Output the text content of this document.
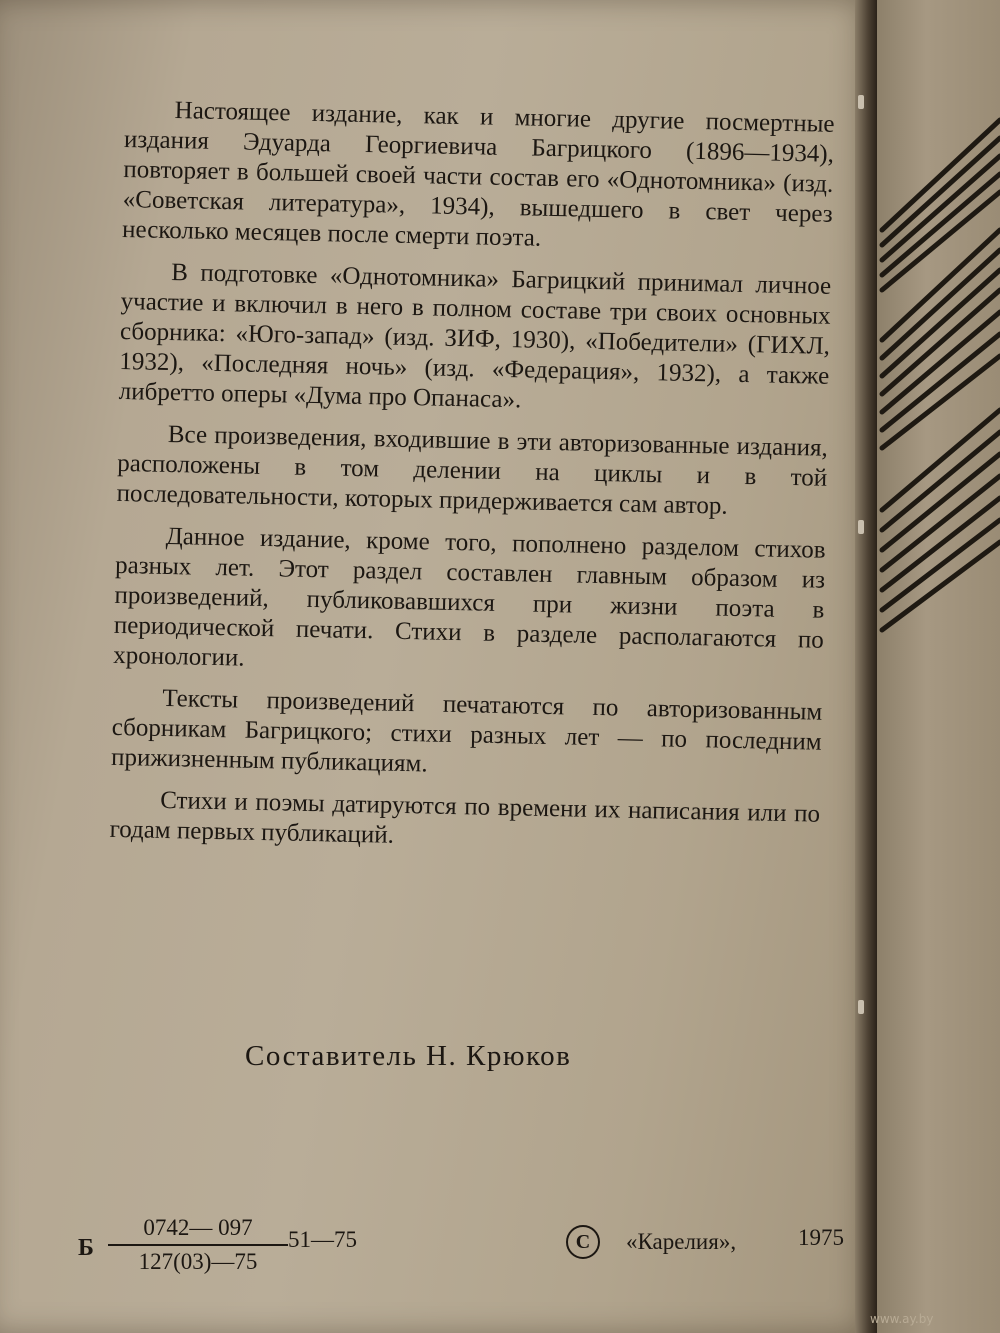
Настоящее издание, как и многие другие посмертные издания Эдуарда Георгиевича Багрицкого (1896—1934), повторяет в большей своей части состав его «Однотомника» (изд. «Советская литература», 1934), вышедшего в свет через несколько месяцев после смерти поэта.

В подготовке «Однотомника» Багрицкий принимал личное участие и включил в него в полном составе три своих основных сборника: «Юго-запад» (изд. ЗИФ, 1930), «Победители» (ГИХЛ, 1932), «Последняя ночь» (изд. «Федерация», 1932), а также либретто оперы «Дума про Опанаса».

Все произведения, входившие в эти авторизованные издания, расположены в том делении на циклы и в той последовательности, которых придерживается сам автор.

Данное издание, кроме того, пополнено разделом стихов разных лет. Этот раздел составлен главным образом из произведений, публиковавшихся при жизни поэта в периодической печати. Стихи в разделе располагаются по хронологии.

Тексты произведений печатаются по авторизованным сборникам Багрицкого; стихи разных лет — по последним прижизненным публикациям.

Стихи и поэмы датируются по времени их написания или по годам первых публикаций.

Составитель Н. Крюков
Б $\frac{0742— 097}{127(03)—75}$ 51—75	C	«Карелия»,	1975
www.ay.by
